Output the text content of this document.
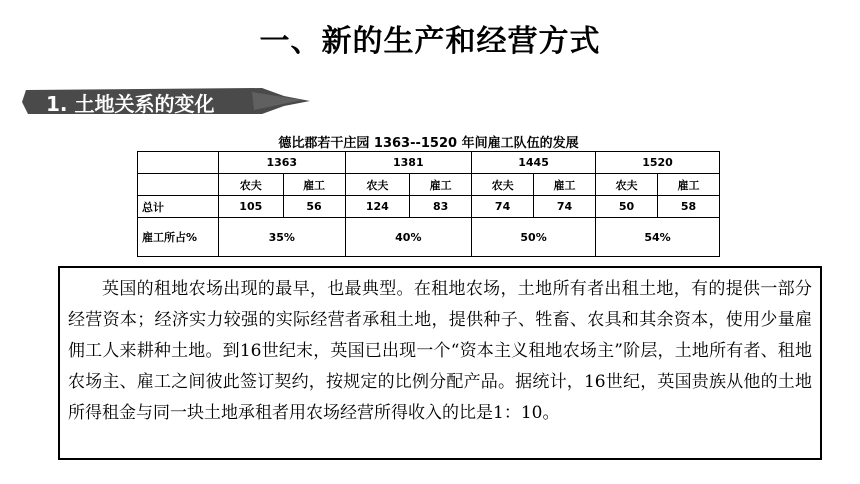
一、新的生产和经营方式
1. 土地关系的变化
德比郡若干庄园 1363--1520 年间雇工队伍的发展
	1363		1381		1445		1520	
	农夫	雇工	农夫	雇工	农夫	雇工	农夫	雇工
总计	105	56	124	83	74	74	50	58
雇工所占%	35%		40%		50%		54%	

英国的租地农场出现的最早，也最典型。在租地农场，土地所有者出租土地，有的提供一部分经营资本；经济实力较强的实际经营者承租土地，提供种子、牲畜、农具和其余资本，使用少量雇佣工人来耕种土地。到16世纪末，英国已出现一个“资本主义租地农场主”阶层，土地所有者、租地农场主、雇工之间彼此签订契约，按规定的比例分配产品。据统计，16世纪，英国贵族从他的土地所得租金与同一块土地承租者用农场经营所得收入的比是1：10。
